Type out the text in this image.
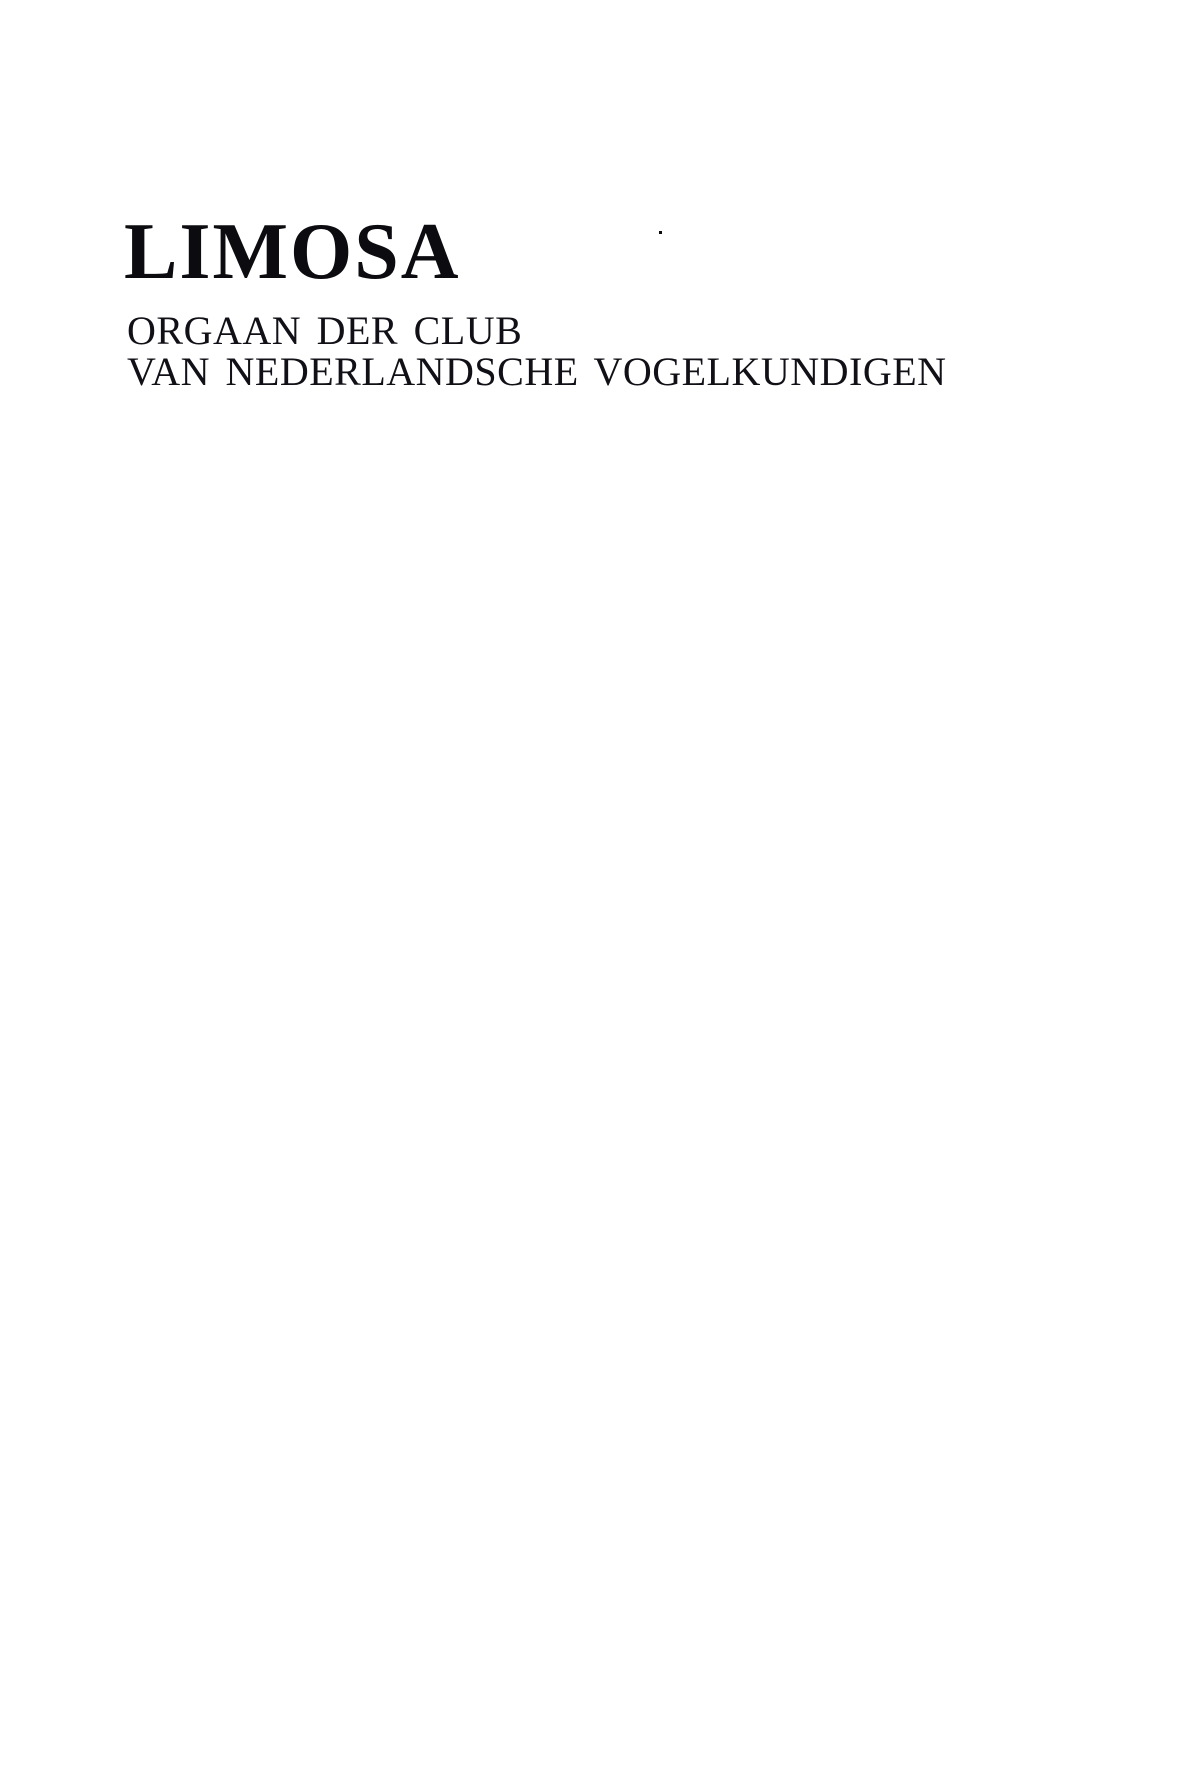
LIMOSA
ORGAAN DER CLUB
VAN NEDERLANDSCHE VOGELKUNDIGEN
